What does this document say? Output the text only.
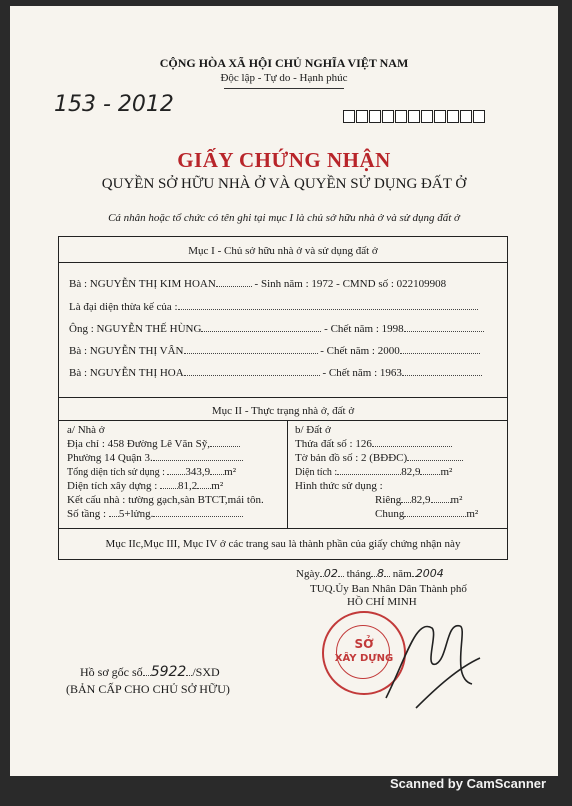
CỘNG HÒA XÃ HỘI CHỦ NGHĨA VIỆT NAM
Độc lập - Tự do - Hạnh phúc
153 - 2012
GIẤY CHỨNG NHẬN
QUYỀN SỞ HỮU NHÀ Ở VÀ QUYỀN SỬ DỤNG ĐẤT Ở
Cá nhân hoặc tổ chức có tên ghi tại mục I là chủ sở hữu nhà ở và sử dụng đất ở
Mục I - Chủ sở hữu nhà ở và sử dụng đất ở
Bà : NGUYỄN THỊ KIM HOAN	- Sinh năm : 1972 - CMND số : 022109908
Là đại diện thừa kế của :
Ông : NGUYỄN THẾ HÙNG	- Chết năm : 1998
Bà : NGUYỄN THỊ VÂN	- Chết năm : 2000
Bà : NGUYỄN THỊ HOA	- Chết năm : 1963
Mục II - Thực trạng nhà ở, đất ở
a/ Nhà ở
Địa chỉ : 458 Đường Lê Văn Sỹ,
Phường 14 Quận 3.
Tổng diện tích sử dụng : 343,9 m²
Diện tích xây dựng : 81,2 m²
Kết cấu nhà : tường gạch,sàn BTCT,mái tôn.
Số tầng : 5+lửng.
b/ Đất ở
Thửa đất số : 126
Tờ bản đồ số : 2 (BĐĐC)
Diện tích :	82,9 m²
Hình thức sử dụng :
Riêng 82,9 m²
Chung	m²
Mục IIc,Mục III, Mục IV ở các trang sau là thành phần của giấy chứng nhận này
Ngày 02 tháng 8 năm 2004
TUQ.Ủy Ban Nhân Dân Thành phố
HỒ CHÍ MINH
SỞ
XÂY DỰNG
Hồ sơ gốc số 5922 /SXD
(BẢN CẤP CHO CHỦ SỞ HỮU)
Scanned by CamScanner
